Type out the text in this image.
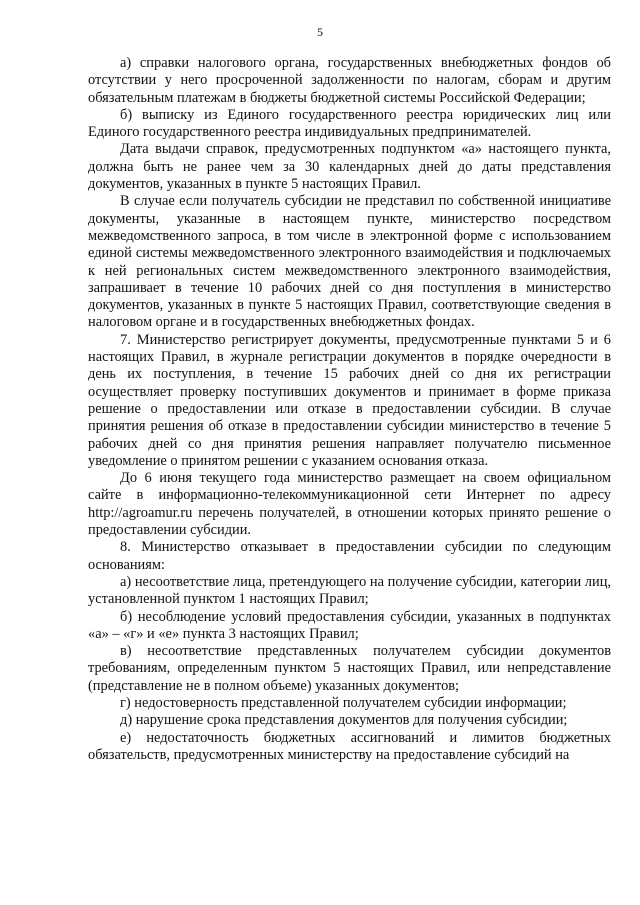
5

а) справки налогового органа, государственных внебюджетных фондов об отсутствии у него просроченной задолженности по налогам, сборам и другим обязательным платежам в бюджеты бюджетной системы Российской Федерации;

б) выписку из Единого государственного реестра юридических лиц или Единого государственного реестра индивидуальных предпринимателей.

Дата выдачи справок, предусмотренных подпунктом «а» настоящего пункта, должна быть не ранее чем за 30 календарных дней до даты представления документов, указанных в пункте 5 настоящих Правил.

В случае если получатель субсидии не представил по собственной инициативе документы, указанные в настоящем пункте, министерство посредством межведомственного запроса, в том числе в электронной форме с использованием единой системы межведомственного электронного взаимодействия и подключаемых к ней региональных систем межведомственного электронного взаимодействия, запрашивает в течение 10 рабочих дней со дня поступления в министерство документов, указанных в пункте 5 настоящих Правил, соответствующие сведения в налоговом органе и в государственных внебюджетных фондах.

7. Министерство регистрирует документы, предусмотренные пунктами 5 и 6 настоящих Правил, в журнале регистрации документов в порядке очередности в день их поступления, в течение 15 рабочих дней со дня их регистрации осуществляет проверку поступивших документов и принимает в форме приказа решение о предоставлении или отказе в предоставлении субсидии. В случае принятия решения об отказе в предоставлении субсидии министерство в течение 5 рабочих дней со дня принятия решения направляет получателю письменное уведомление о принятом решении с указанием основания отказа.

До 6 июня текущего года министерство размещает на своем официальном сайте в информационно-телекоммуникационной сети Интернет по адресу http://agroamur.ru перечень получателей, в отношении которых принято решение о предоставлении субсидии.

8. Министерство отказывает в предоставлении субсидии по следующим основаниям:

а) несоответствие лица, претендующего на получение субсидии, категории лиц, установленной пунктом 1 настоящих Правил;

б) несоблюдение условий предоставления субсидии, указанных в подпунктах «а» – «г» и «е» пункта 3 настоящих Правил;

в) несоответствие представленных получателем субсидии документов требованиям, определенным пунктом 5 настоящих Правил, или непредставление (представление не в полном объеме) указанных документов;

г) недостоверность представленной получателем субсидии информации;

д) нарушение срока представления документов для получения субсидии;

е) недостаточность бюджетных ассигнований и лимитов бюджетных обязательств, предусмотренных министерству на предоставление субсидий на
